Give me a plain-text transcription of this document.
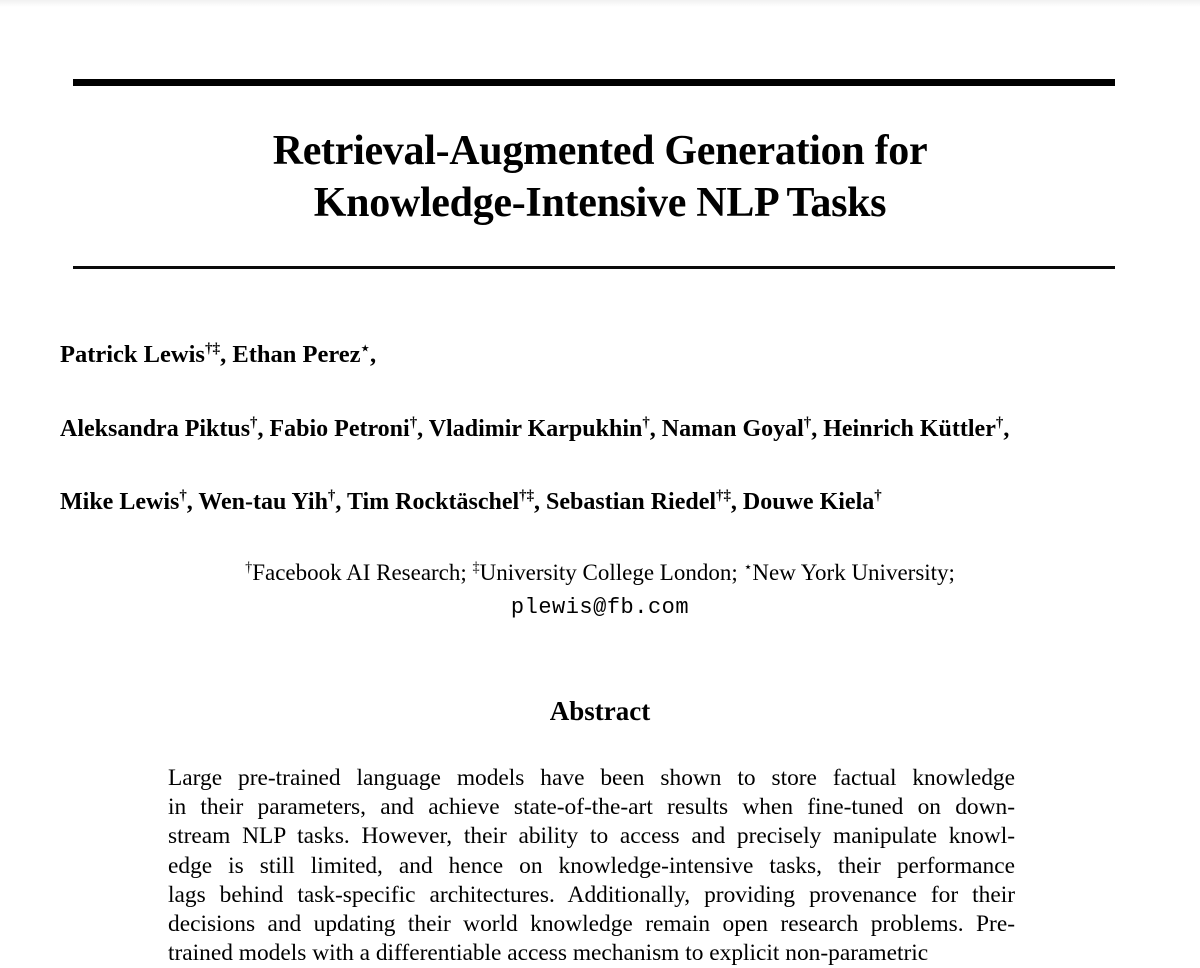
Retrieval-Augmented Generation for
Knowledge-Intensive NLP Tasks
Patrick Lewis†‡, Ethan Perez⋆,
Aleksandra Piktus†, Fabio Petroni†, Vladimir Karpukhin†, Naman Goyal†, Heinrich Küttler†,
Mike Lewis†, Wen-tau Yih†, Tim Rocktäschel†‡, Sebastian Riedel†‡, Douwe Kiela†
†Facebook AI Research; ‡University College London; ⋆New York University;
plewis@fb.com
Abstract
Large pre-trained language models have been shown to store factual knowledge
in their parameters, and achieve state-of-the-art results when fine-tuned on down-
stream NLP tasks. However, their ability to access and precisely manipulate knowl-
edge is still limited, and hence on knowledge-intensive tasks, their performance
lags behind task-specific architectures. Additionally, providing provenance for their
decisions and updating their world knowledge remain open research problems. Pre-
trained models with a differentiable access mechanism to explicit non-parametric
